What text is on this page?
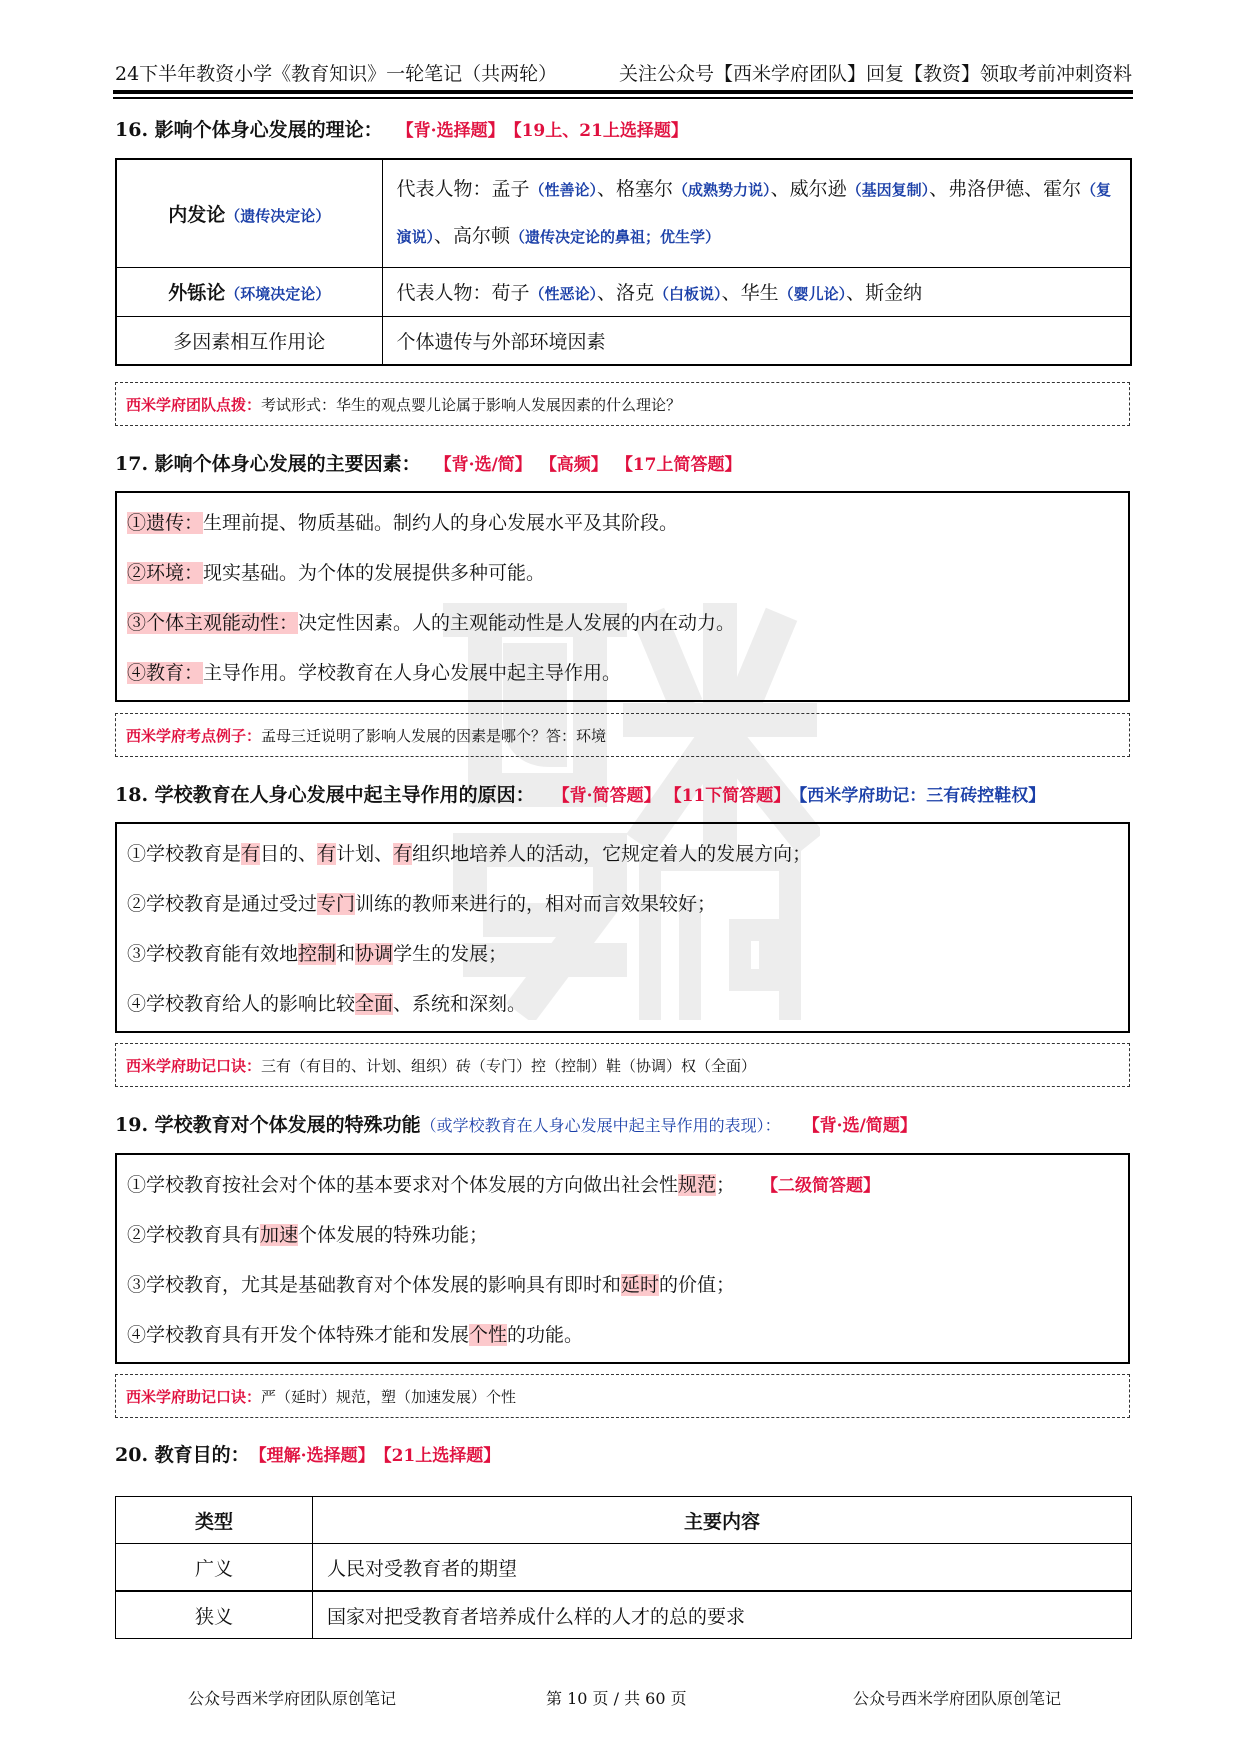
24下半年教资小学《教育知识》一轮笔记（共两轮）	关注公众号【西米学府团队】回复【教资】领取考前冲刺资料
16. 影响个体身心发展的理论： 【背·选择题】 【19上、21上选择题】
内发论（遗传决定论）	代表人物：孟子（性善论）、格塞尔（成熟势力说）、威尔逊（基因复制）、弗洛伊德、霍尔（复演说）、高尔顿（遗传决定论的鼻祖；优生学）
外铄论（环境决定论）	代表人物：荀子（性恶论）、洛克（白板说）、华生（婴儿论）、斯金纳
多因素相互作用论	个体遗传与外部环境因素
西米学府团队点拨： 考试形式：华生的观点婴儿论属于影响人发展因素的什么理论？
17. 影响个体身心发展的主要因素： 【背·选/简】 【高频】 【17上简答题】
①遗传：生理前提、物质基础。制约人的身心发展水平及其阶段。
②环境：现实基础。为个体的发展提供多种可能。
③个体主观能动性：决定性因素。人的主观能动性是人发展的内在动力。
④教育：主导作用。学校教育在人身心发展中起主导作用。
西米学府考点例子： 孟母三迁说明了影响人发展的因素是哪个？答：环境
18. 学校教育在人身心发展中起主导作用的原因： 【背·简答题】 【11下简答题】 【西米学府助记：三有砖控鞋权】
①学校教育是有目的、有计划、有组织地培养人的活动，它规定着人的发展方向；
②学校教育是通过受过专门训练的教师来进行的，相对而言效果较好；
③学校教育能有效地控制和协调学生的发展；
④学校教育给人的影响比较全面、系统和深刻。
西米学府助记口诀： 三有（有目的、计划、组织）砖（专门）控（控制）鞋（协调）权（全面）
19. 学校教育对个体发展的特殊功能 （或学校教育在人身心发展中起主导作用的表现）： 【背·选/简题】
①学校教育按社会对个体的基本要求对个体发展的方向做出社会性规范； 【二级简答题】
②学校教育具有加速个体发展的特殊功能；
③学校教育，尤其是基础教育对个体发展的影响具有即时和延时的价值；
④学校教育具有开发个体特殊才能和发展个性的功能。
西米学府助记口诀： 严（延时）规范，塑（加速发展）个性
20. 教育目的： 【理解·选择题】 【21上选择题】
类型	主要内容
广义	人民对受教育者的期望
狭义	国家对把受教育者培养成什么样的人才的总的要求
公众号西米学府团队原创笔记	第 10 页 / 共 60 页	公众号西米学府团队原创笔记
